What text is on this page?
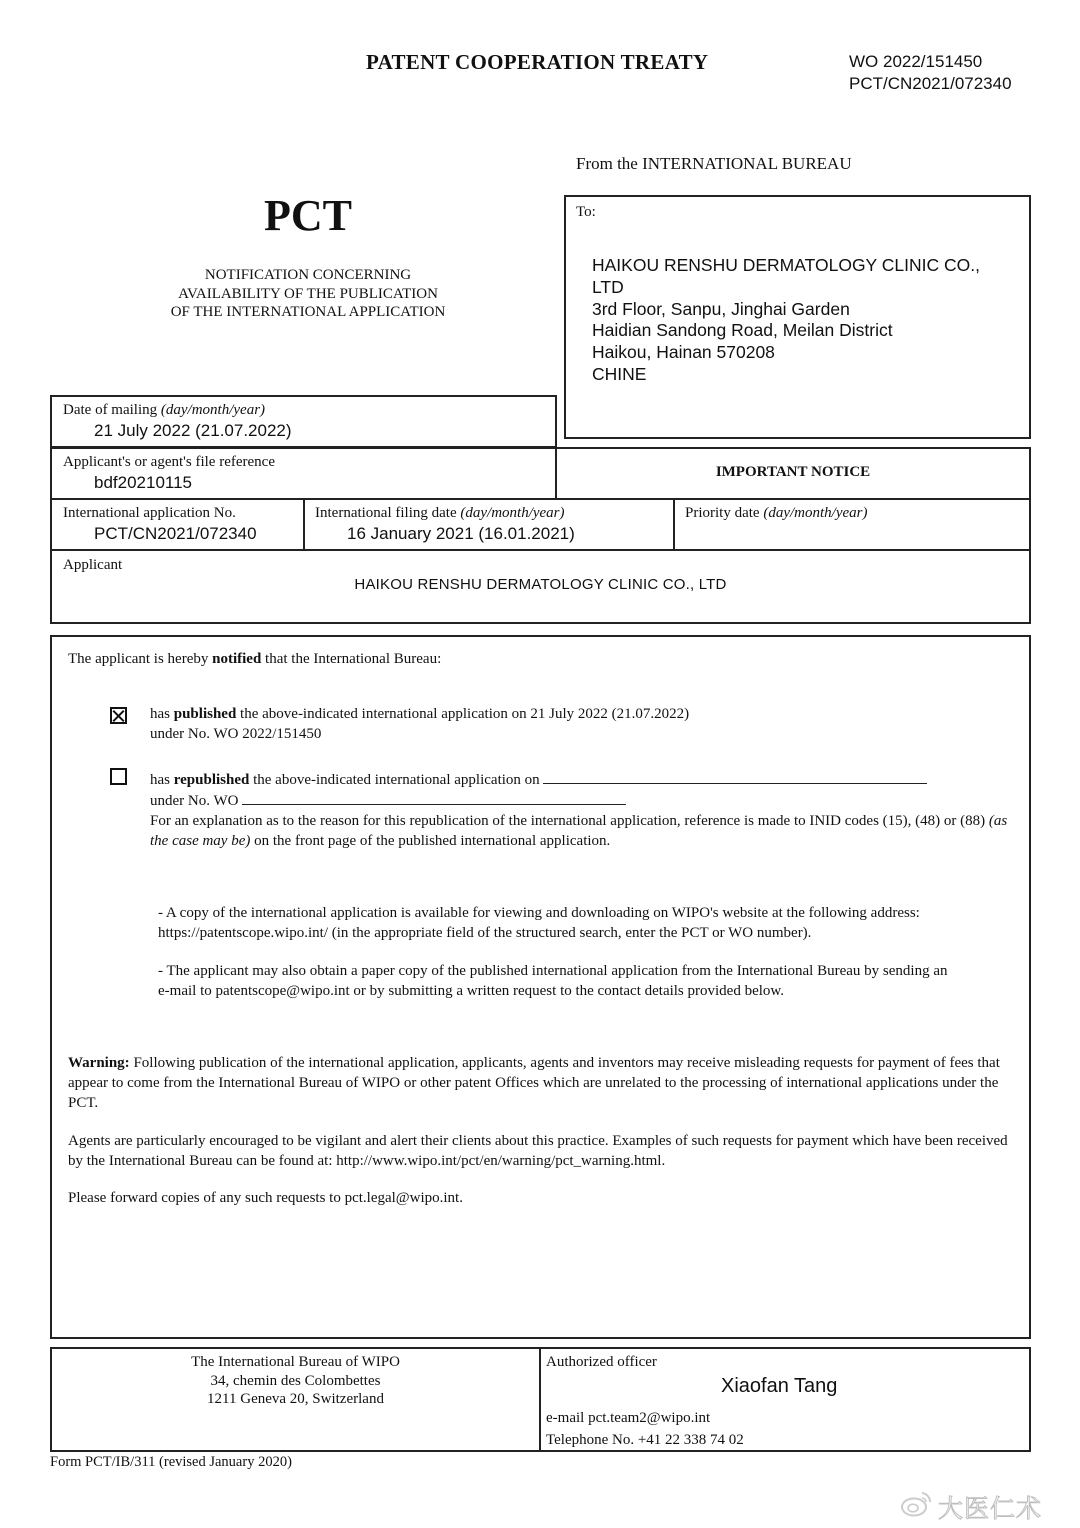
PATENT COOPERATION TREATY	WO 2022/151450
PCT/CN2021/072340
From the INTERNATIONAL BUREAU
PCT
NOTIFICATION CONCERNING
AVAILABILITY OF THE PUBLICATION
OF THE INTERNATIONAL APPLICATION
To:
HAIKOU RENSHU DERMATOLOGY CLINIC CO.,
LTD
3rd Floor, Sanpu, Jinghai Garden
Haidian Sandong Road, Meilan District
Haikou, Hainan 570208
CHINE
Date of mailing (day/month/year)
21 July 2022 (21.07.2022)
Applicant's or agent's file reference
bdf20210115
IMPORTANT NOTICE
International application No.
PCT/CN2021/072340
International filing date (day/month/year)
16 January 2021 (16.01.2021)
Priority date (day/month/year)
Applicant
HAIKOU RENSHU DERMATOLOGY CLINIC CO., LTD

The applicant is hereby notified that the International Bureau:

has published the above-indicated international application on 21 July 2022 (21.07.2022)
under No. WO 2022/151450

has republished the above-indicated international application on
under No. WO
For an explanation as to the reason for this republication of the international application, reference is made to INID codes (15), (48) or (88) (as the case may be) on the front page of the published international application.

- A copy of the international application is available for viewing and downloading on WIPO's website at the following address: https://patentscope.wipo.int/ (in the appropriate field of the structured search, enter the PCT or WO number).

- The applicant may also obtain a paper copy of the published international application from the International Bureau by sending an e-mail to patentscope@wipo.int or by submitting a written request to the contact details provided below.

Warning: Following publication of the international application, applicants, agents and inventors may receive misleading requests for payment of fees that appear to come from the International Bureau of WIPO or other patent Offices which are unrelated to the processing of international applications under the PCT.

Agents are particularly encouraged to be vigilant and alert their clients about this practice. Examples of such requests for payment which have been received by the International Bureau can be found at: http://www.wipo.int/pct/en/warning/pct_warning.html.

Please forward copies of any such requests to pct.legal@wipo.int.

The International Bureau of WIPO
34, chemin des Colombettes
1211 Geneva 20, Switzerland
Authorized officer
Xiaofan Tang
e-mail pct.team2@wipo.int
Telephone No. +41 22 338 74 02
Form PCT/IB/311 (revised January 2020)
大医仁术
